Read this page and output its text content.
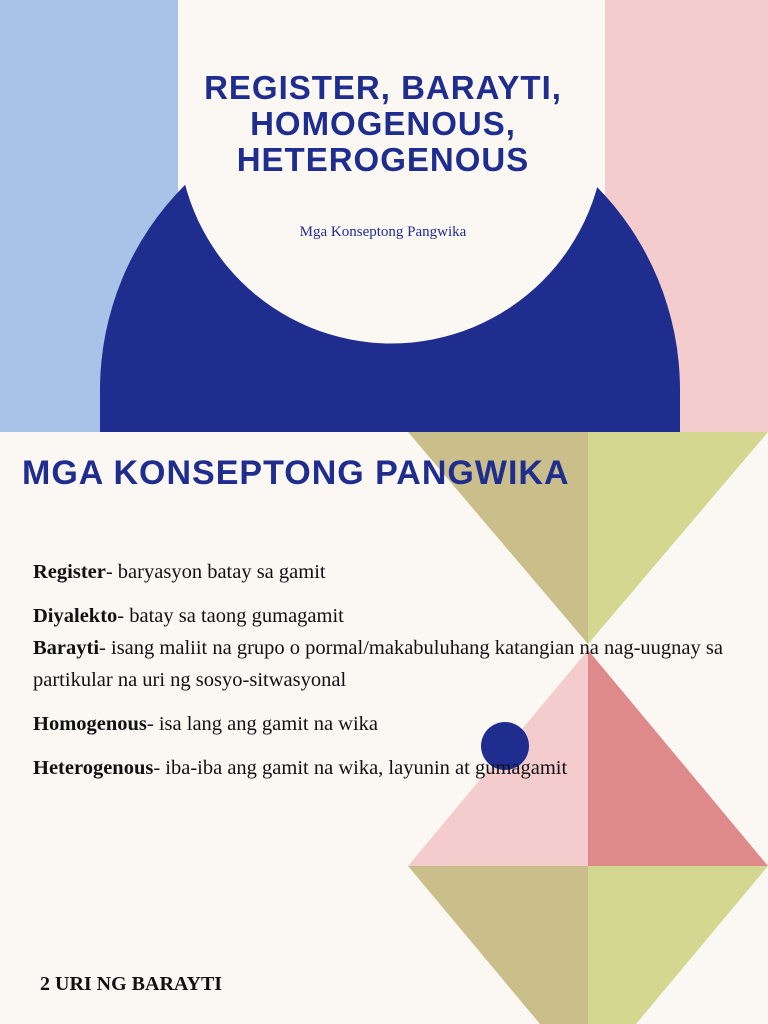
REGISTER, BARAYTI, HOMOGENOUS, HETEROGENOUS
Mga Konseptong Pangwika
MGA KONSEPTONG PANGWIKA

Register- baryasyon batay sa gamit

Diyalekto- batay sa taong gumagamit

Barayti- isang maliit na grupo o pormal/makabuluhang katangian na nag-uugnay sa partikular na uri ng sosyo-sitwasyonal

Homogenous- isa lang ang gamit na wika

Heterogenous- iba-iba ang gamit na wika, layunin at gumagamit

2 URI NG BARAYTI
